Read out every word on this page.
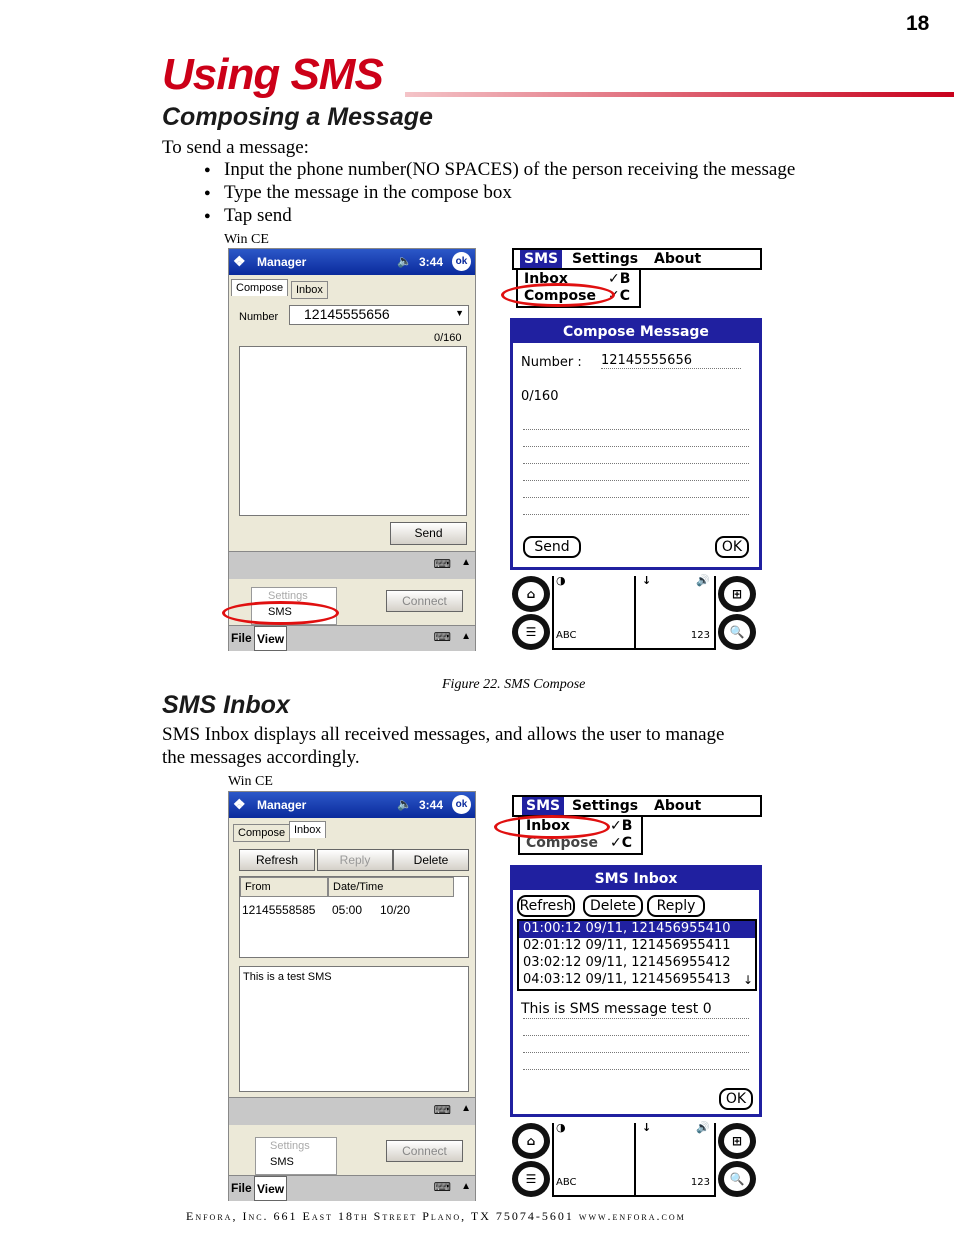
18
Using SMS
Composing a Message
To send a message:
● Input the phone number(NO SPACES) of the person receiving the message
● Type the message in the compose box
● Tap send
Win CE
❖ Manager	🔈 3:44	ok
Compose	Inbox
Number	12145555656	▼
0/160
Send
⌨ ▲
Settings
SMS
Connect
File View	⌨ ▲
SMS Settings About
Inbox	✓B
Compose ✓C
Compose Message
Number : 12145555656
0/160
Send	OK
⌂
☰
⊞
🔍
◑	↓	🔊
ABC	123
Figure 22. SMS Compose
SMS Inbox
SMS Inbox displays all received messages, and allows the user to manage
the messages accordingly.
Win CE
❖ Manager	🔈 3:44	ok
Compose Inbox
Refresh	Reply	Delete
From	Date/Time
12145558585 05:00 10/20
This is a test SMS
⌨ ▲
Settings
SMS
Connect
File View	⌨ ▲
SMS Settings About
Inbox	✓B
Compose ✓C
SMS Inbox
Refresh	Delete	Reply
01:00:12 09/11, 121456955410
02:01:12 09/11, 121456955411
03:02:12 09/11, 121456955412
04:03:12 09/11, 121456955413	↓
This is SMS message test 0
OK
⌂
☰
⊞
🔍
◑	↓	🔊
ABC	123
Enfora, Inc. 661 East 18th Street Plano, TX 75074-5601 www.enfora.com
